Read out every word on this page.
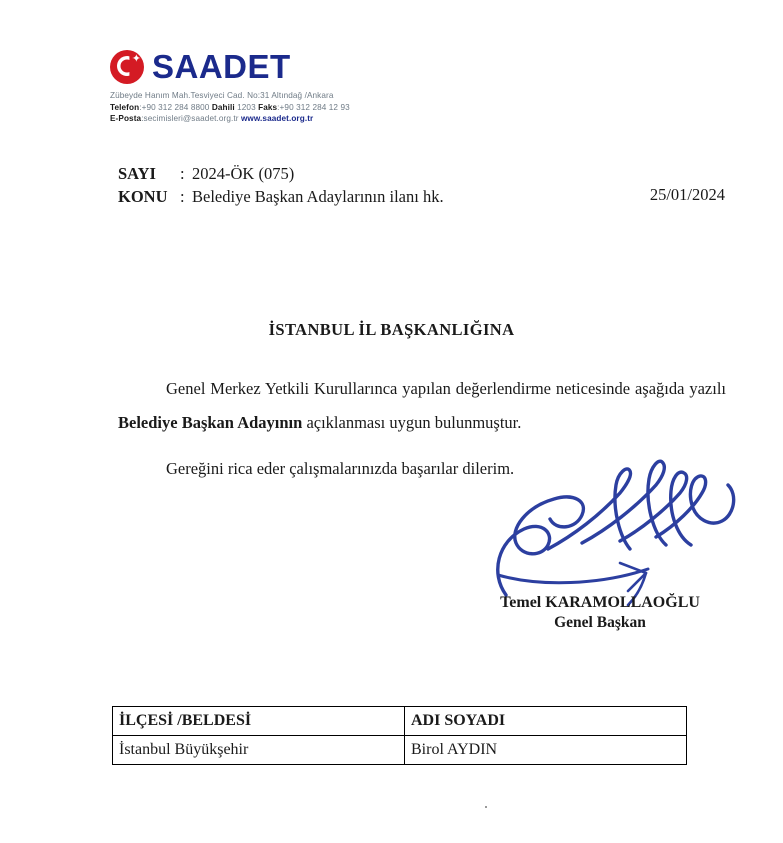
✦
SAADET
Zübeyde Hanım Mah.Tesviyeci Cad. No:31 Altındağ /Ankara
Telefon:+90 312 284 8800 Dahili 1203 Faks:+90 312 284 12 93
E-Posta:secimisleri@saadet.org.tr www.saadet.org.tr
SAYI : 2024-ÖK (075)
KONU : Belediye Başkan Adaylarının ilanı hk.	25/01/2024
İSTANBUL İL BAŞKANLIĞINA
Genel Merkez Yetkili Kurullarınca yapılan değerlendirme neticesinde aşağıda yazılı Belediye Başkan Adayının açıklanması uygun bulunmuştur.
Gereğini rica eder çalışmalarınızda başarılar dilerim.
Temel KARAMOLLAOĞLU
Genel Başkan
İLÇESİ /BELDESİ	ADI SOYADI
İstanbul Büyükşehir	Birol AYDIN
